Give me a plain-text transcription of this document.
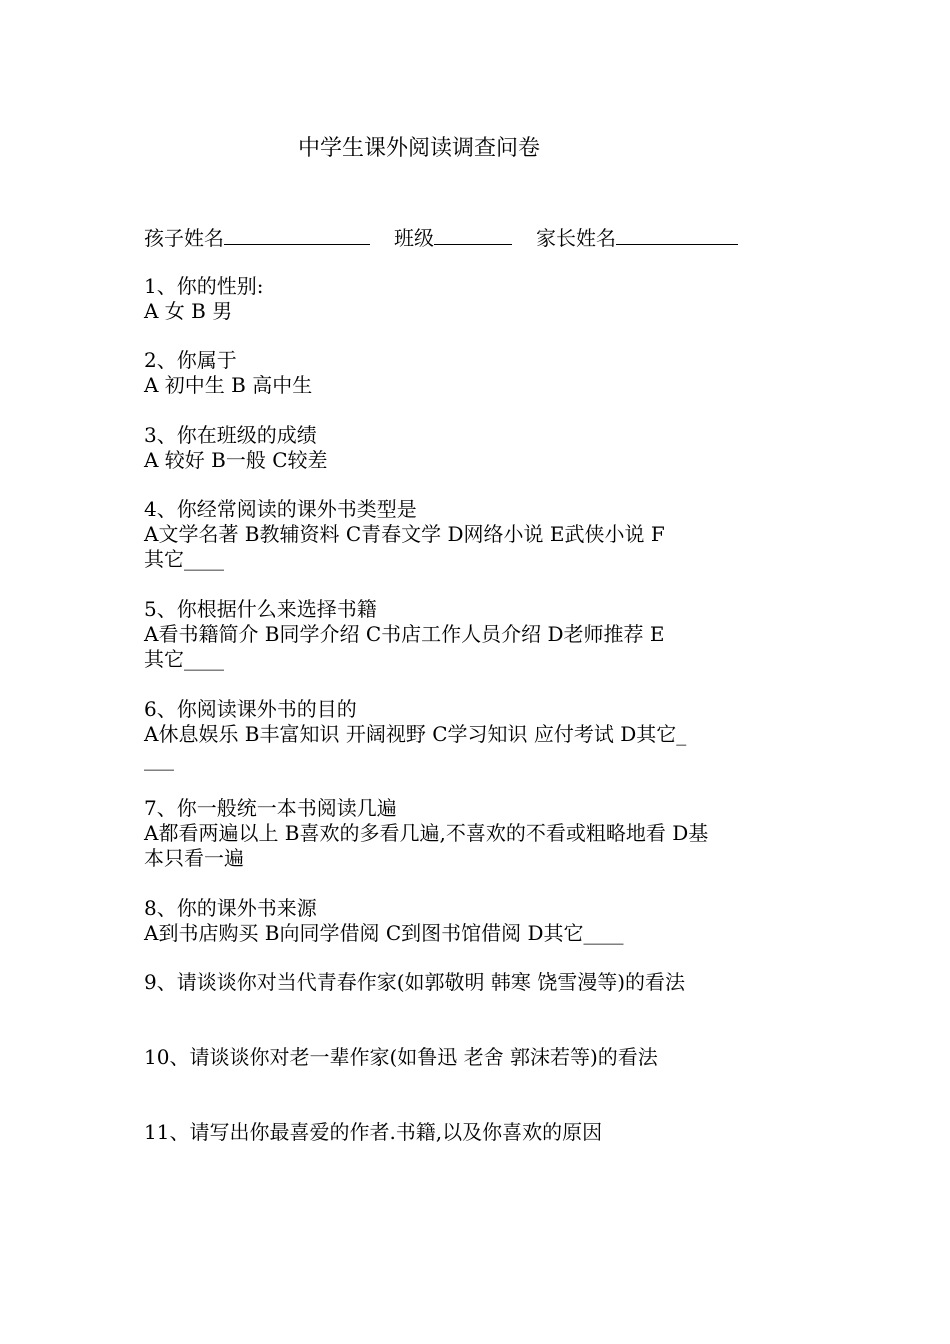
中学生课外阅读调查问卷
孩子姓名	班级	家长姓名
1、你的性别:
A 女 B 男
2、你属于
A 初中生 B 高中生
3、你在班级的成绩
A 较好 B一般 C较差
4、你经常阅读的课外书类型是
A文学名著 B教辅资料 C青春文学 D网络小说 E武侠小说 F
其它____
5、你根据什么来选择书籍
A看书籍简介 B同学介绍 C书店工作人员介绍 D老师推荐 E
其它____
6、你阅读课外书的目的
A休息娱乐 B丰富知识 开阔视野 C学习知识 应付考试 D其它_
___
7、你一般统一本书阅读几遍
A都看两遍以上 B喜欢的多看几遍,不喜欢的不看或粗略地看 D基
本只看一遍
8、你的课外书来源
A到书店购买 B向同学借阅 C到图书馆借阅 D其它____
9、请谈谈你对当代青春作家(如郭敬明 韩寒 饶雪漫等)的看法
10、请谈谈你对老一辈作家(如鲁迅 老舍 郭沫若等)的看法
11、请写出你最喜爱的作者.书籍,以及你喜欢的原因
